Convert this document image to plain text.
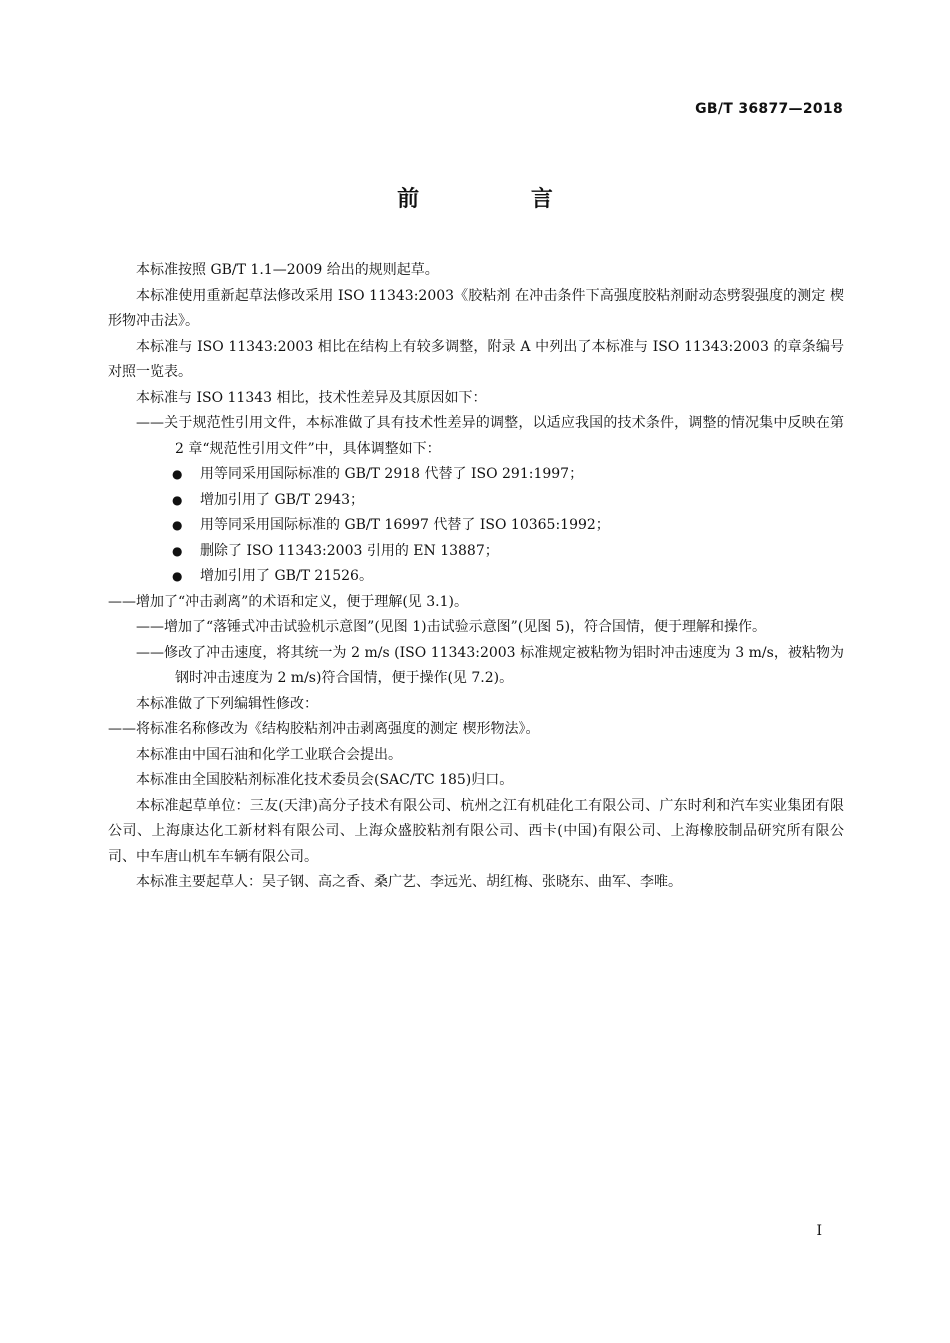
GB/T 36877—2018
前 言

本标准按照 GB/T 1.1—2009 给出的规则起草。

本标准使用重新起草法修改采用 ISO 11343:2003《胶粘剂 在冲击条件下高强度胶粘剂耐动态劈裂强度的测定 楔形物冲击法》。

本标准与 ISO 11343:2003 相比在结构上有较多调整，附录 A 中列出了本标准与 ISO 11343:2003 的章条编号对照一览表。

本标准与 ISO 11343 相比，技术性差异及其原因如下：

——关于规范性引用文件，本标准做了具有技术性差异的调整，以适应我国的技术条件，调整的情况集中反映在第 2 章“规范性引用文件”中，具体调整如下：

● 用等同采用国际标准的 GB/T 2918 代替了 ISO 291:1997；

● 增加引用了 GB/T 2943；

● 用等同采用国际标准的 GB/T 16997 代替了 ISO 10365:1992；

● 删除了 ISO 11343:2003 引用的 EN 13887；

● 增加引用了 GB/T 21526。

——增加了“冲击剥离”的术语和定义，便于理解(见 3.1)。

——增加了“落锤式冲击试验机示意图”(见图 1)击试验示意图”(见图 5)，符合国情，便于理解和操作。

——修改了冲击速度，将其统一为 2 m/s (ISO 11343:2003 标准规定被粘物为铝时冲击速度为 3 m/s，被粘物为钢时冲击速度为 2 m/s)符合国情，便于操作(见 7.2)。

本标准做了下列编辑性修改：

——将标准名称修改为《结构胶粘剂冲击剥离强度的测定 楔形物法》。

本标准由中国石油和化学工业联合会提出。

本标准由全国胶粘剂标准化技术委员会(SAC/TC 185)归口。

本标准起草单位：三友(天津)高分子技术有限公司、杭州之江有机硅化工有限公司、广东时利和汽车实业集团有限公司、上海康达化工新材料有限公司、上海众盛胶粘剂有限公司、西卡(中国)有限公司、上海橡胶制品研究所有限公司、中车唐山机车车辆有限公司。

本标准主要起草人：吴子钢、高之香、桑广艺、李远光、胡红梅、张晓东、曲军、李唯。

I
